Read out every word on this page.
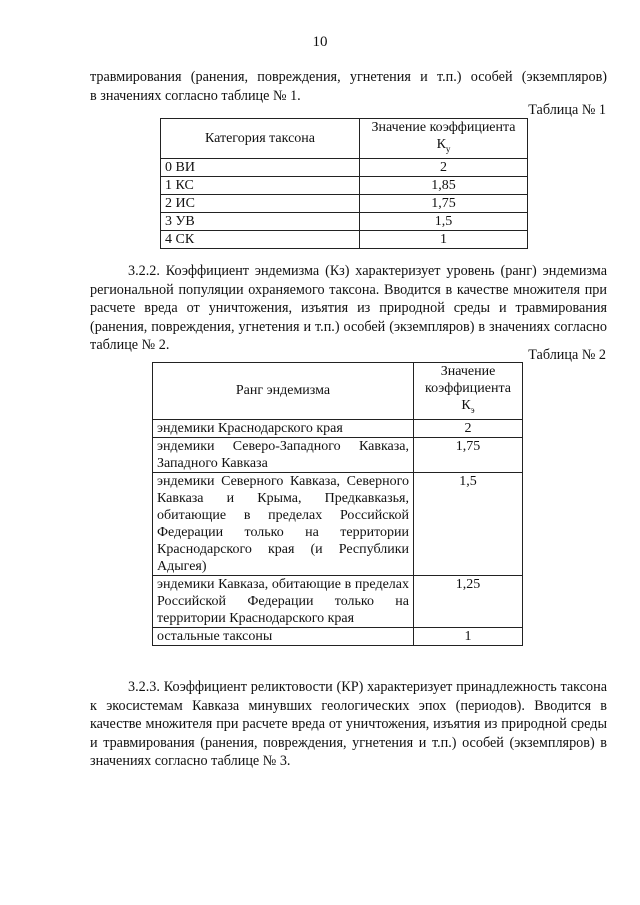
10
травмирования (ранения, повреждения, угнетения и т.п.) особей (экземпляров)
в значениях согласно таблице № 1.
Таблица № 1
Категория таксона	Значение коэффициента
$К_у$

0 ВИ	2
1 КС	1,85
2 ИС	1,75
3 УВ	1,5
4 СК	1
3.2.2. Коэффициент эндемизма (Кз) характеризует уровень (ранг) эндемизма региональной популяции охраняемого таксона. Вводится в качестве множителя при расчете вреда от уничтожения, изъятия из природной среды и травмирования (ранения, повреждения, угнетения и т.п.) особей (экземпляров) в значениях согласно таблице № 2.
Таблица № 2
Ранг эндемизма	Значение
коэффициента
$К_э$

эндемики Краснодарского края	2
эндемики Северо-Западного Кавказа, Западного Кавказа	1,75
эндемики Северного Кавказа, Северного Кавказа и Крыма, Предкавказья, обитающие в пределах Российской Федерации только на территории Краснодарского края (и Республики Адыгея)	1,5
эндемики Кавказа, обитающие в пределах Российской Федерации только на территории Краснодарского края	1,25
остальные таксоны	1
3.2.3. Коэффициент реликтовости (КР) характеризует принадлежность таксона к экосистемам Кавказа минувших геологических эпох (периодов). Вводится в качестве множителя при расчете вреда от уничтожения, изъятия из природной среды и травмирования (ранения, повреждения, угнетения и т.п.) особей (экземпляров) в значениях согласно таблице № 3.
